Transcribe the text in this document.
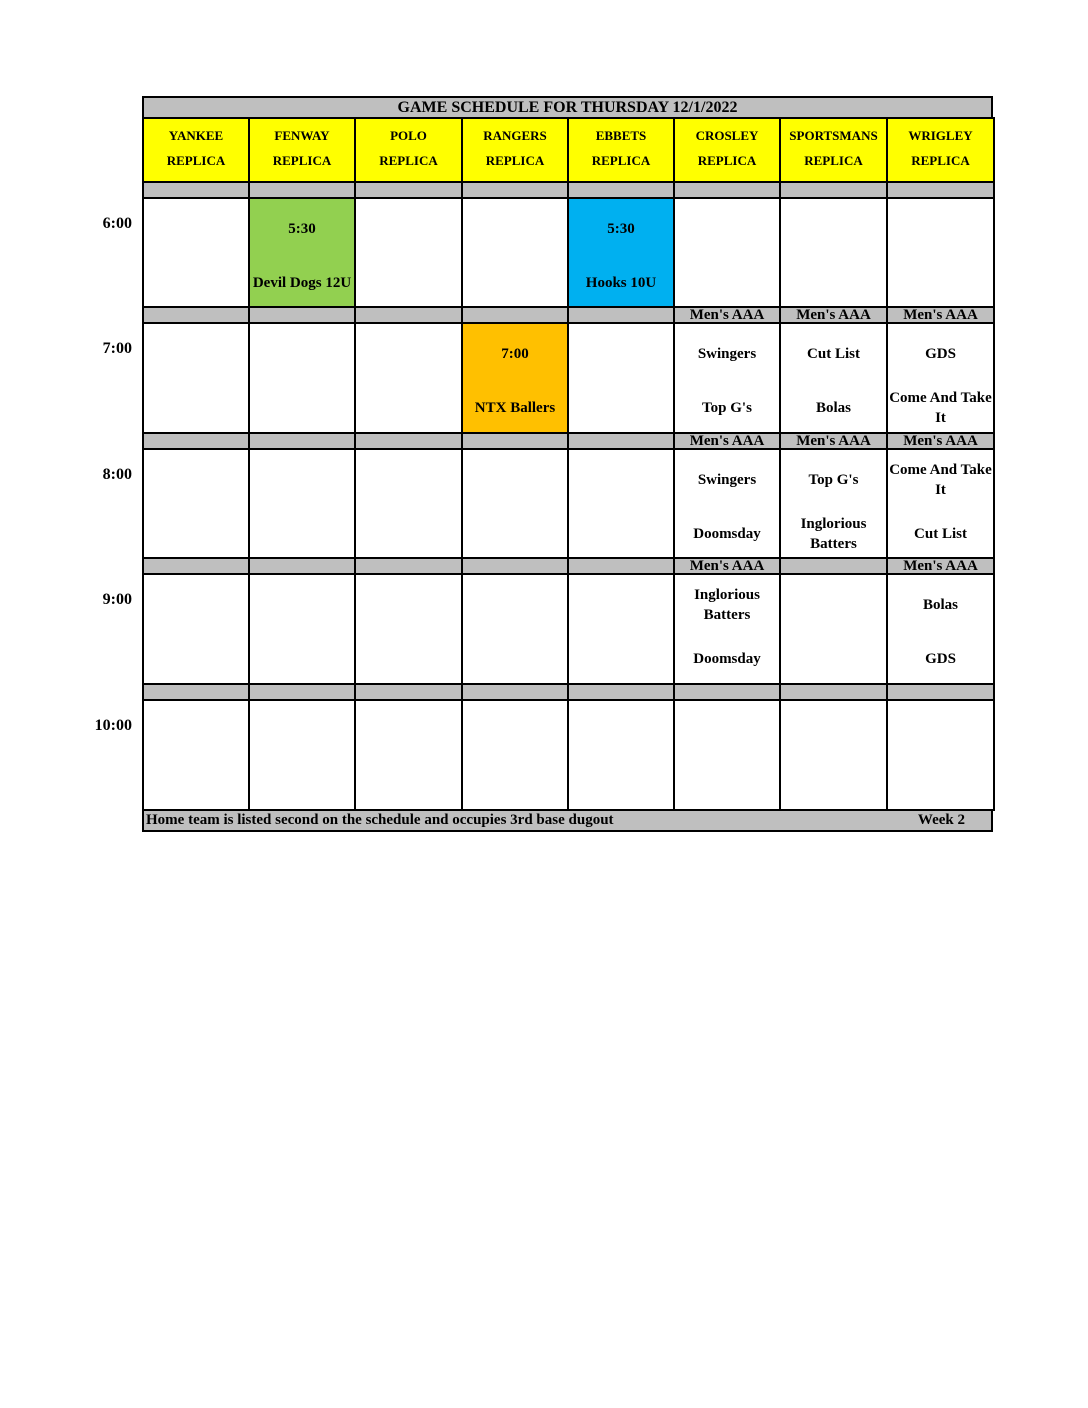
GAME SCHEDULE FOR THURSDAY 12/1/2022
YANKEE
REPLICA
FENWAY
REPLICA
POLO
REPLICA
RANGERS
REPLICA
EBBETS
REPLICA
CROSLEY
REPLICA
SPORTSMANS
REPLICA
WRIGLEY
REPLICA
5:30
Devil Dogs 12U
5:30
Hooks 10U
6:00
7:00
NTX Ballers
Men's AAA
Swingers
Top G's
Men's AAA
Cut List
Bolas
Men's AAA
GDS
Come And Take It
7:00
Men's AAA
Swingers
Doomsday
Men's AAA
Top G's
Inglorious Batters
Men's AAA
Come And Take It
Cut List
8:00
Men's AAA
Inglorious Batters
Doomsday
Men's AAA
Bolas
GDS
9:00
10:00
Home team is listed second on the schedule and occupies 3rd base dugout	Week 2
